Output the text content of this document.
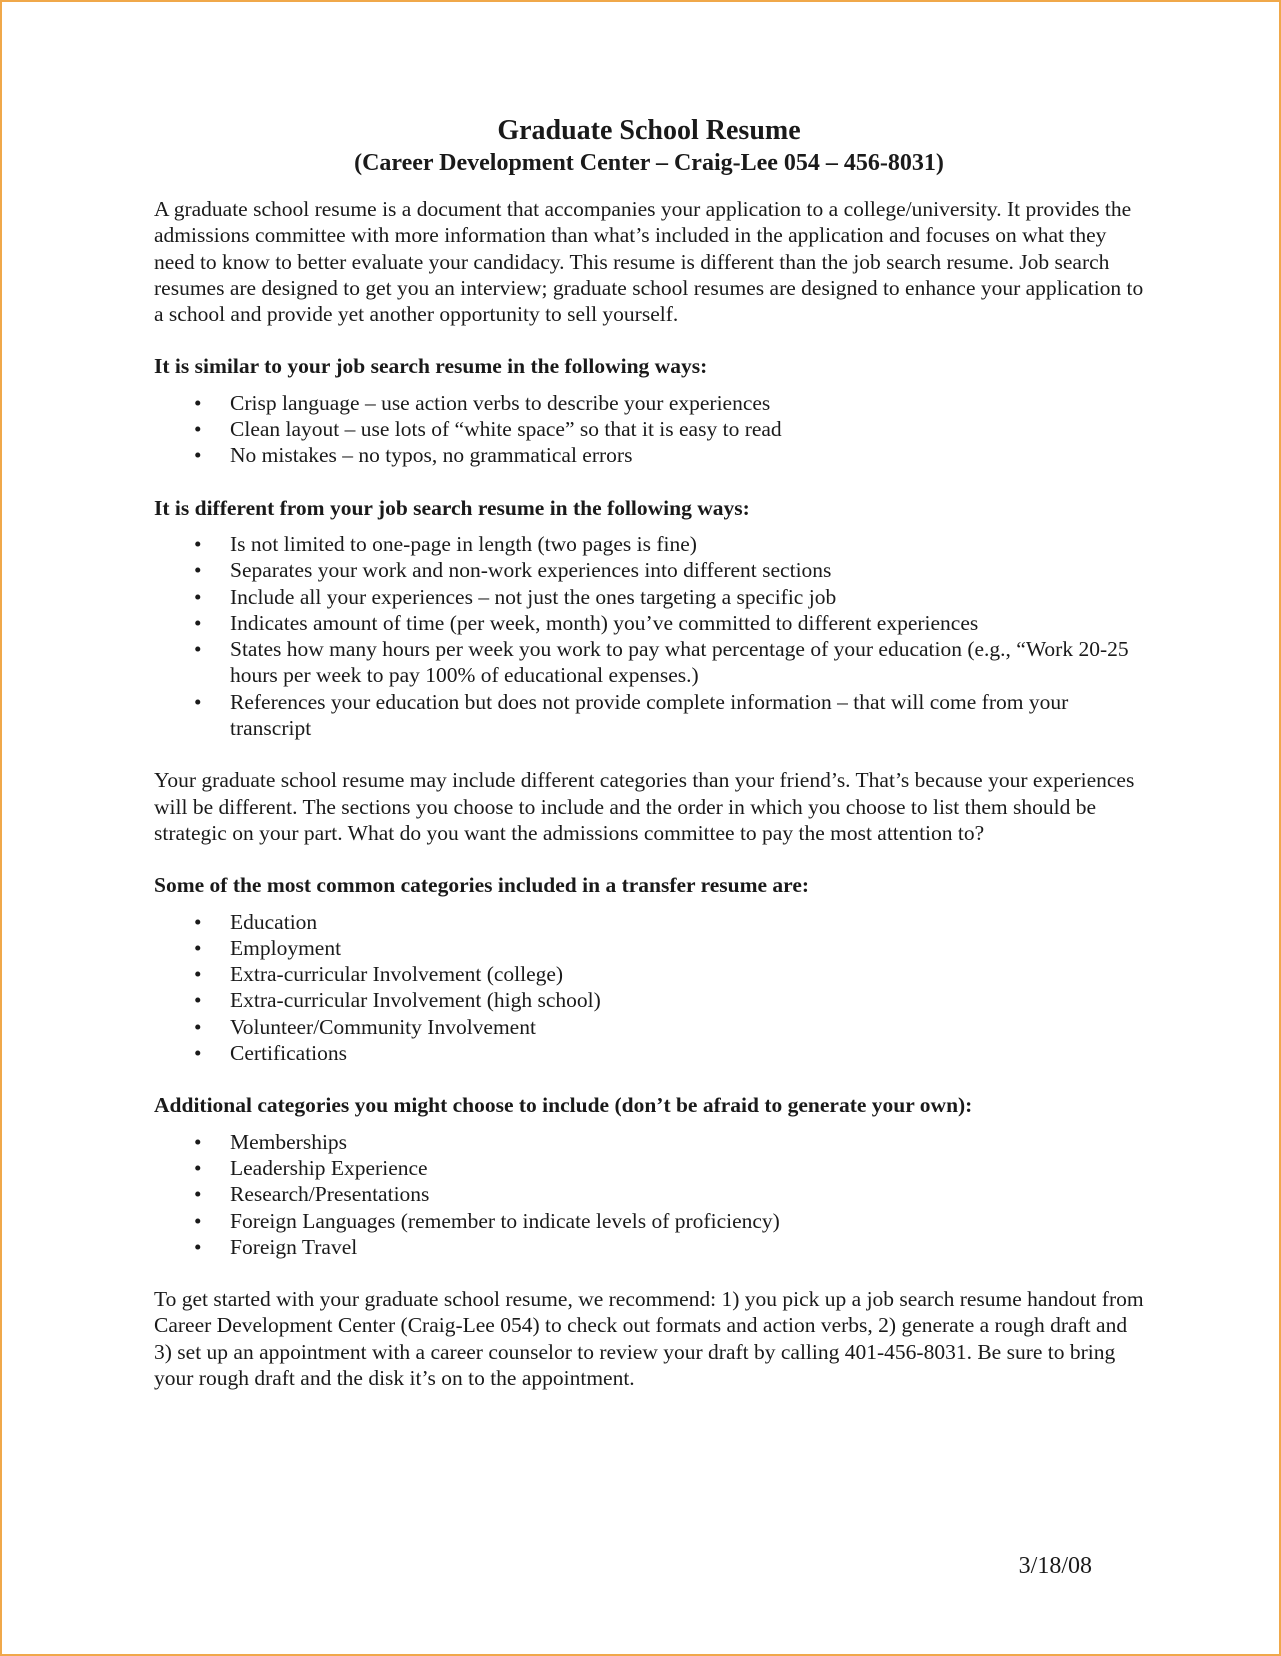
Graduate School Resume

(Career Development Center – Craig-Lee 054 – 456-8031)

A graduate school resume is a document that accompanies your application to a college/university. It provides the admissions committee with more information than what’s included in the application and focuses on what they need to know to better evaluate your candidacy. This resume is different than the job search resume. Job search resumes are designed to get you an interview; graduate school resumes are designed to enhance your application to a school and provide yet another opportunity to sell yourself.

It is similar to your job search resume in the following ways:

• Crisp language – use action verbs to describe your experiences
• Clean layout – use lots of “white space” so that it is easy to read
• No mistakes – no typos, no grammatical errors

It is different from your job search resume in the following ways:

• Is not limited to one-page in length (two pages is fine)
• Separates your work and non-work experiences into different sections
• Include all your experiences – not just the ones targeting a specific job
• Indicates amount of time (per week, month) you’ve committed to different experiences
• States how many hours per week you work to pay what percentage of your education (e.g., “Work 20-25 hours per week to pay 100% of educational expenses.)
• References your education but does not provide complete information – that will come from your transcript

Your graduate school resume may include different categories than your friend’s. That’s because your experiences will be different. The sections you choose to include and the order in which you choose to list them should be strategic on your part. What do you want the admissions committee to pay the most attention to?

Some of the most common categories included in a transfer resume are:

• Education
• Employment
• Extra-curricular Involvement (college)
• Extra-curricular Involvement (high school)
• Volunteer/Community Involvement
• Certifications

Additional categories you might choose to include (don’t be afraid to generate your own):

• Memberships
• Leadership Experience
• Research/Presentations
• Foreign Languages (remember to indicate levels of proficiency)
• Foreign Travel

To get started with your graduate school resume, we recommend: 1) you pick up a job search resume handout from Career Development Center (Craig-Lee 054) to check out formats and action verbs, 2) generate a rough draft and 3) set up an appointment with a career counselor to review your draft by calling 401-456-8031. Be sure to bring your rough draft and the disk it’s on to the appointment.

3/18/08
